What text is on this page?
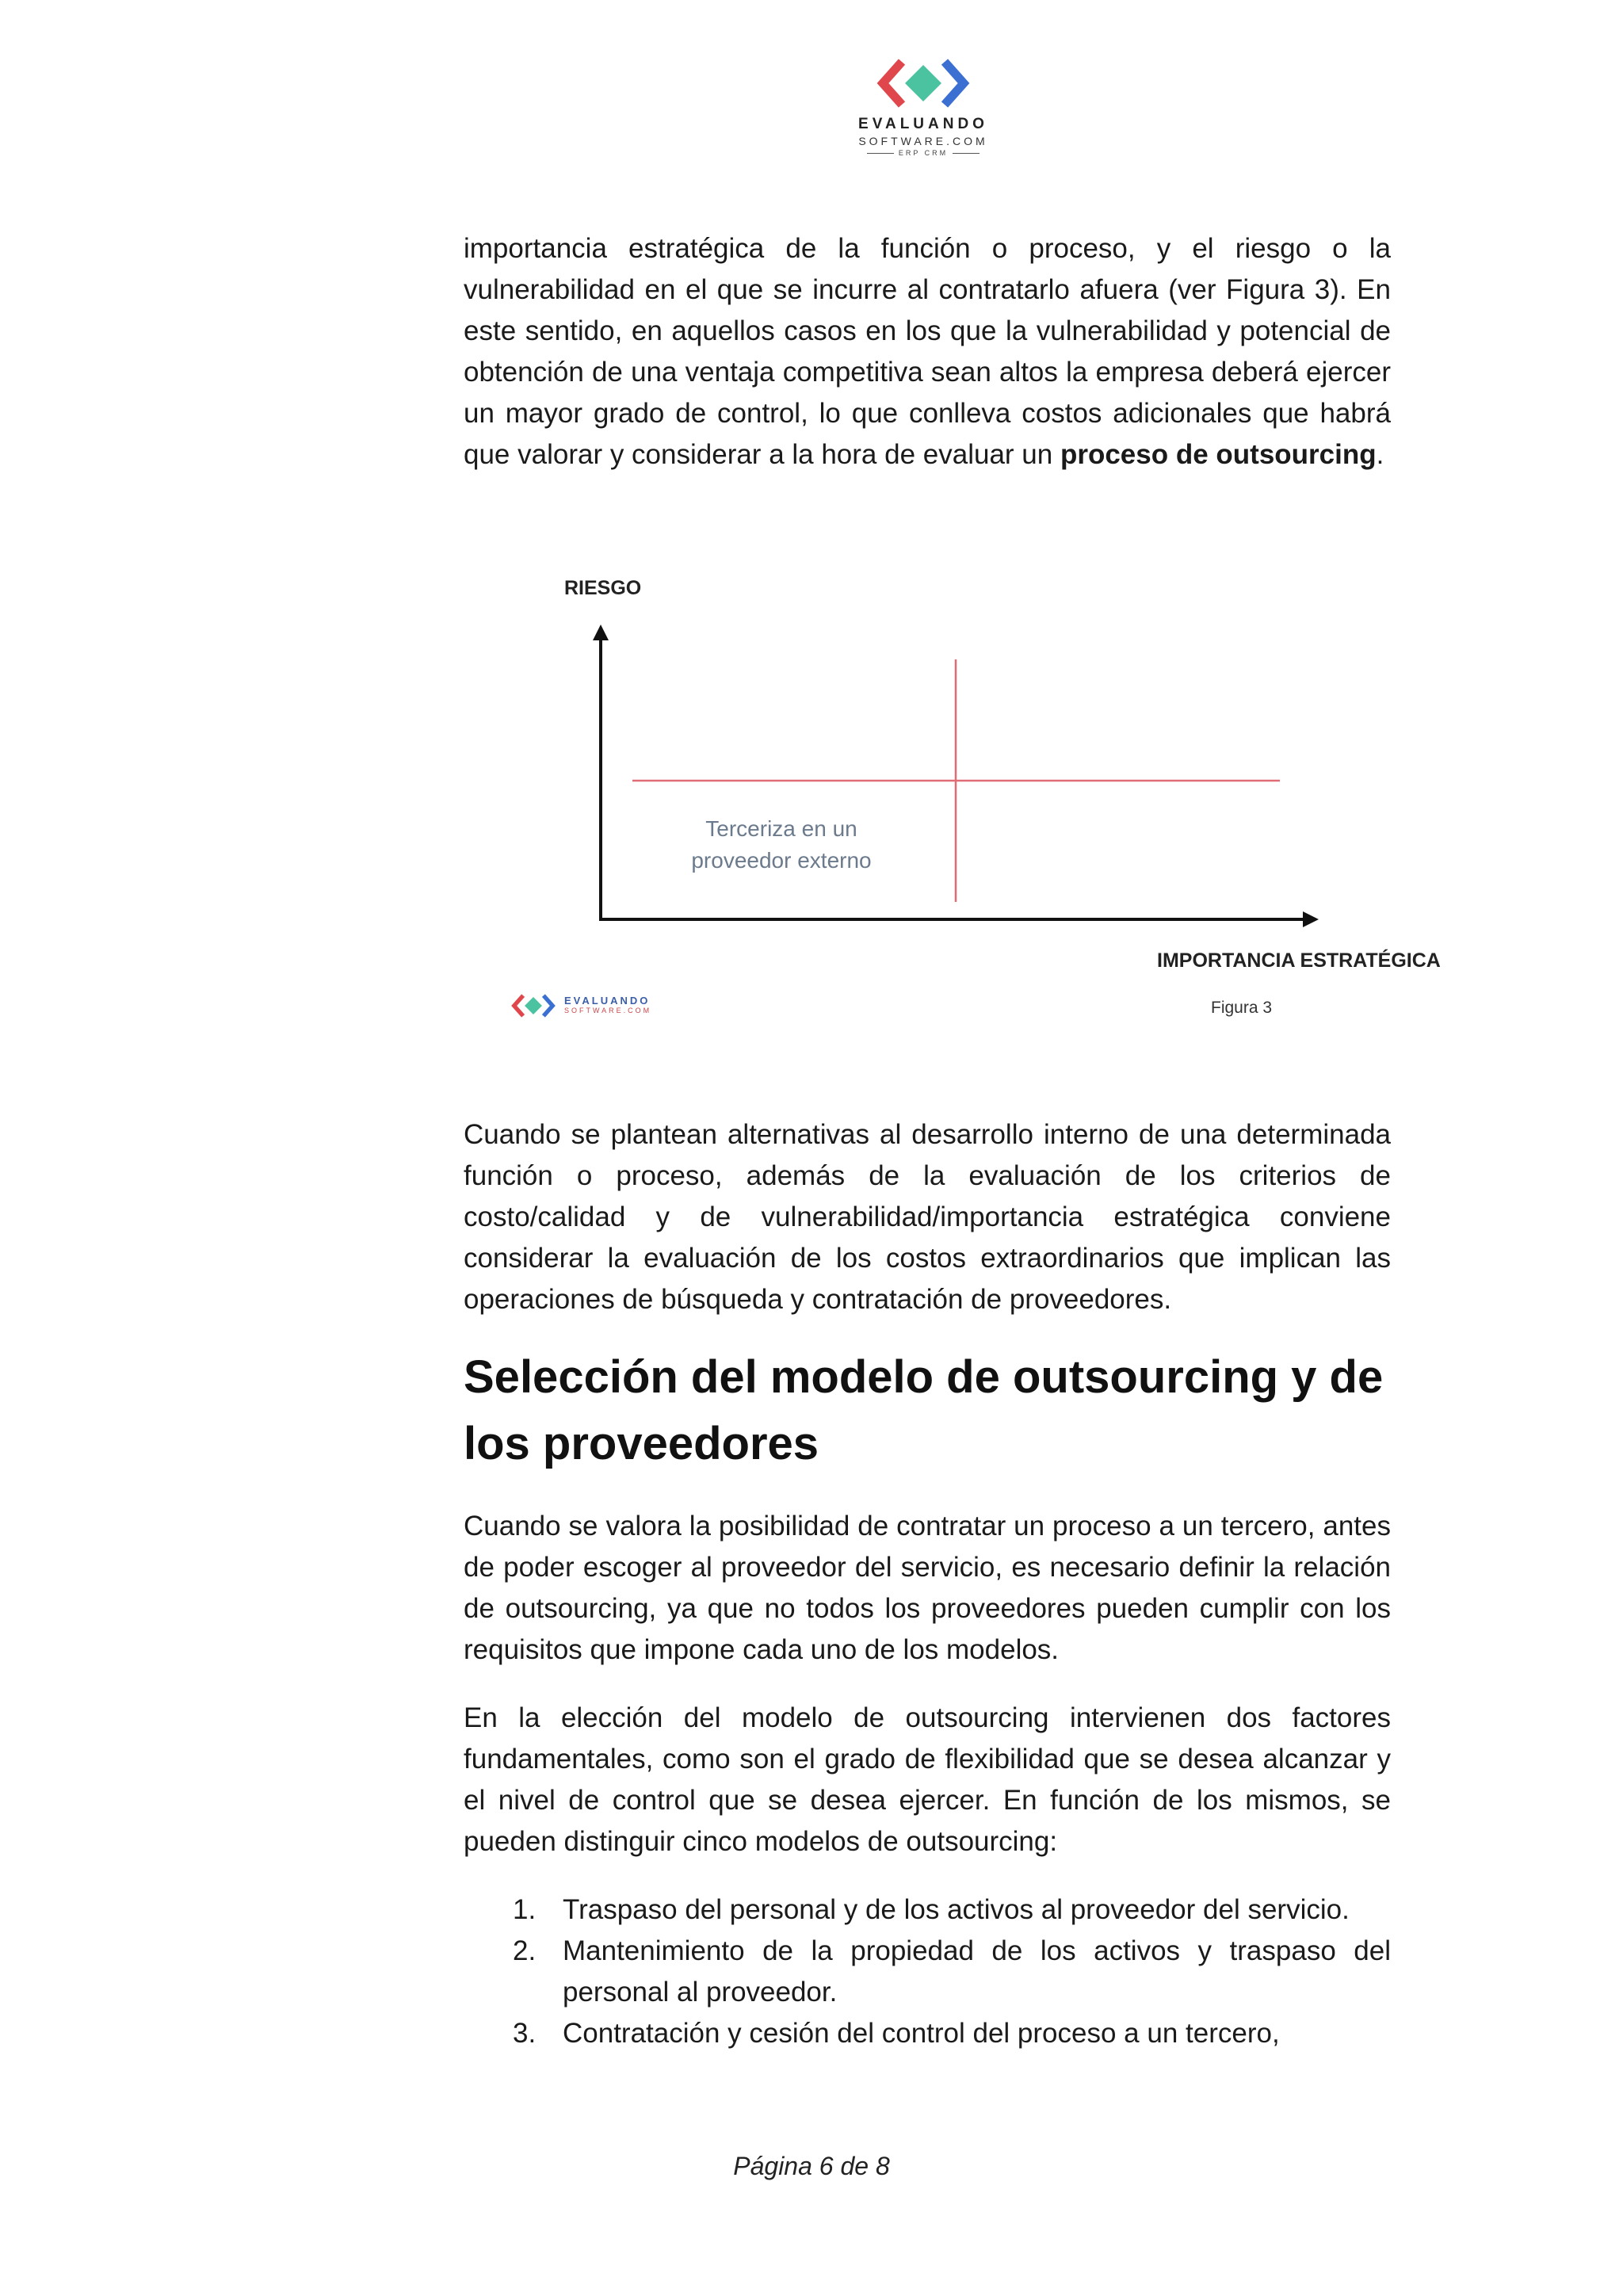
EVALUANDO
SOFTWARE.COM
ERP CRM

importancia estratégica de la función o proceso, y el riesgo o la vulnerabilidad en el que se incurre al contratarlo afuera (ver Figura 3). En este sentido, en aquellos casos en los que la vulnerabilidad y potencial de obtención de una ventaja competitiva sean altos la empresa deberá ejercer un mayor grado de control, lo que conlleva costos adicionales que habrá que valorar y considerar a la hora de evaluar un proceso de outsourcing.

RIESGO
Terceriza en un
proveedor externo
IMPORTANCIA ESTRATÉGICA
EVALUANDO
SOFTWARE.COM	Figura 3

Cuando se plantean alternativas al desarrollo interno de una determinada función o proceso, además de la evaluación de los criterios de costo/calidad y de vulnerabilidad/importancia estratégica conviene considerar la evaluación de los costos extraordinarios que implican las operaciones de búsqueda y contratación de proveedores.

Selección del modelo de outsourcing y de los proveedores

Cuando se valora la posibilidad de contratar un proceso a un tercero, antes de poder escoger al proveedor del servicio, es necesario definir la relación de outsourcing, ya que no todos los proveedores pueden cumplir con los requisitos que impone cada uno de los modelos.

En la elección del modelo de outsourcing intervienen dos factores fundamentales, como son el grado de flexibilidad que se desea alcanzar y el nivel de control que se desea ejercer. En función de los mismos, se pueden distinguir cinco modelos de outsourcing:

1. Traspaso del personal y de los activos al proveedor del servicio.
2. Mantenimiento de la propiedad de los activos y traspaso del personal al proveedor.
3. Contratación y cesión del control del proceso a un tercero,
Página 6 de 8
